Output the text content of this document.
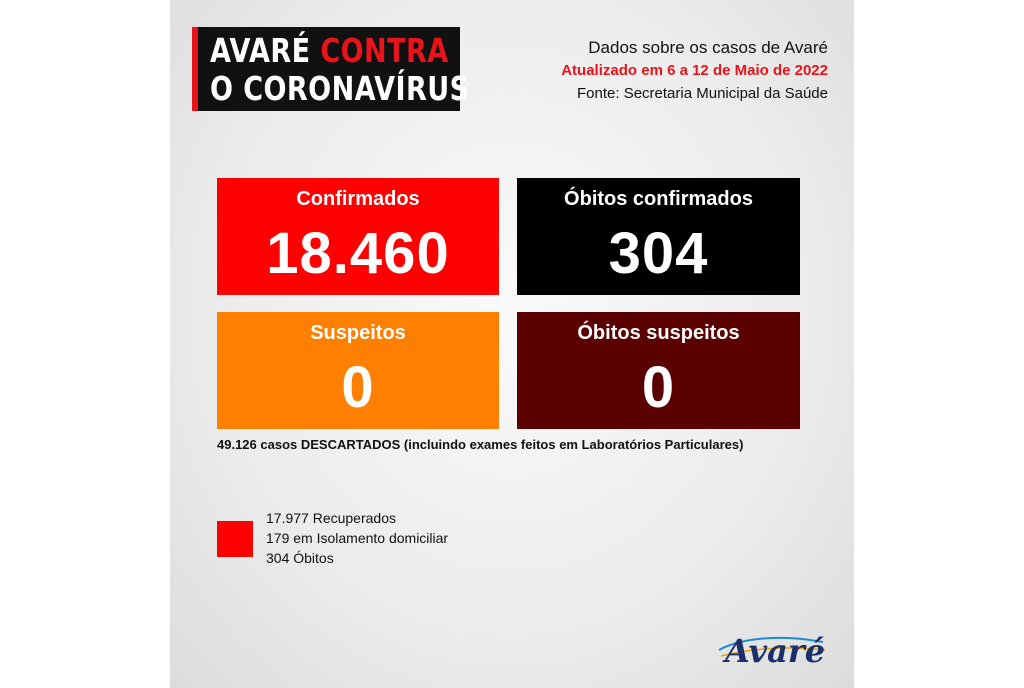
AVARÉ CONTRA
O CORONAVÍRUS
Dados sobre os casos de Avaré
Atualizado em 6 a 12 de Maio de 2022
Fonte: Secretaria Municipal da Saúde
Confirmados
18.460
Óbitos confirmados
304
Suspeitos
0
Óbitos suspeitos
0
49.126 casos DESCARTADOS (incluindo exames feitos em Laboratórios Particulares)
17.977 Recuperados
179 em Isolamento domiciliar
304 Óbitos
Avaré
